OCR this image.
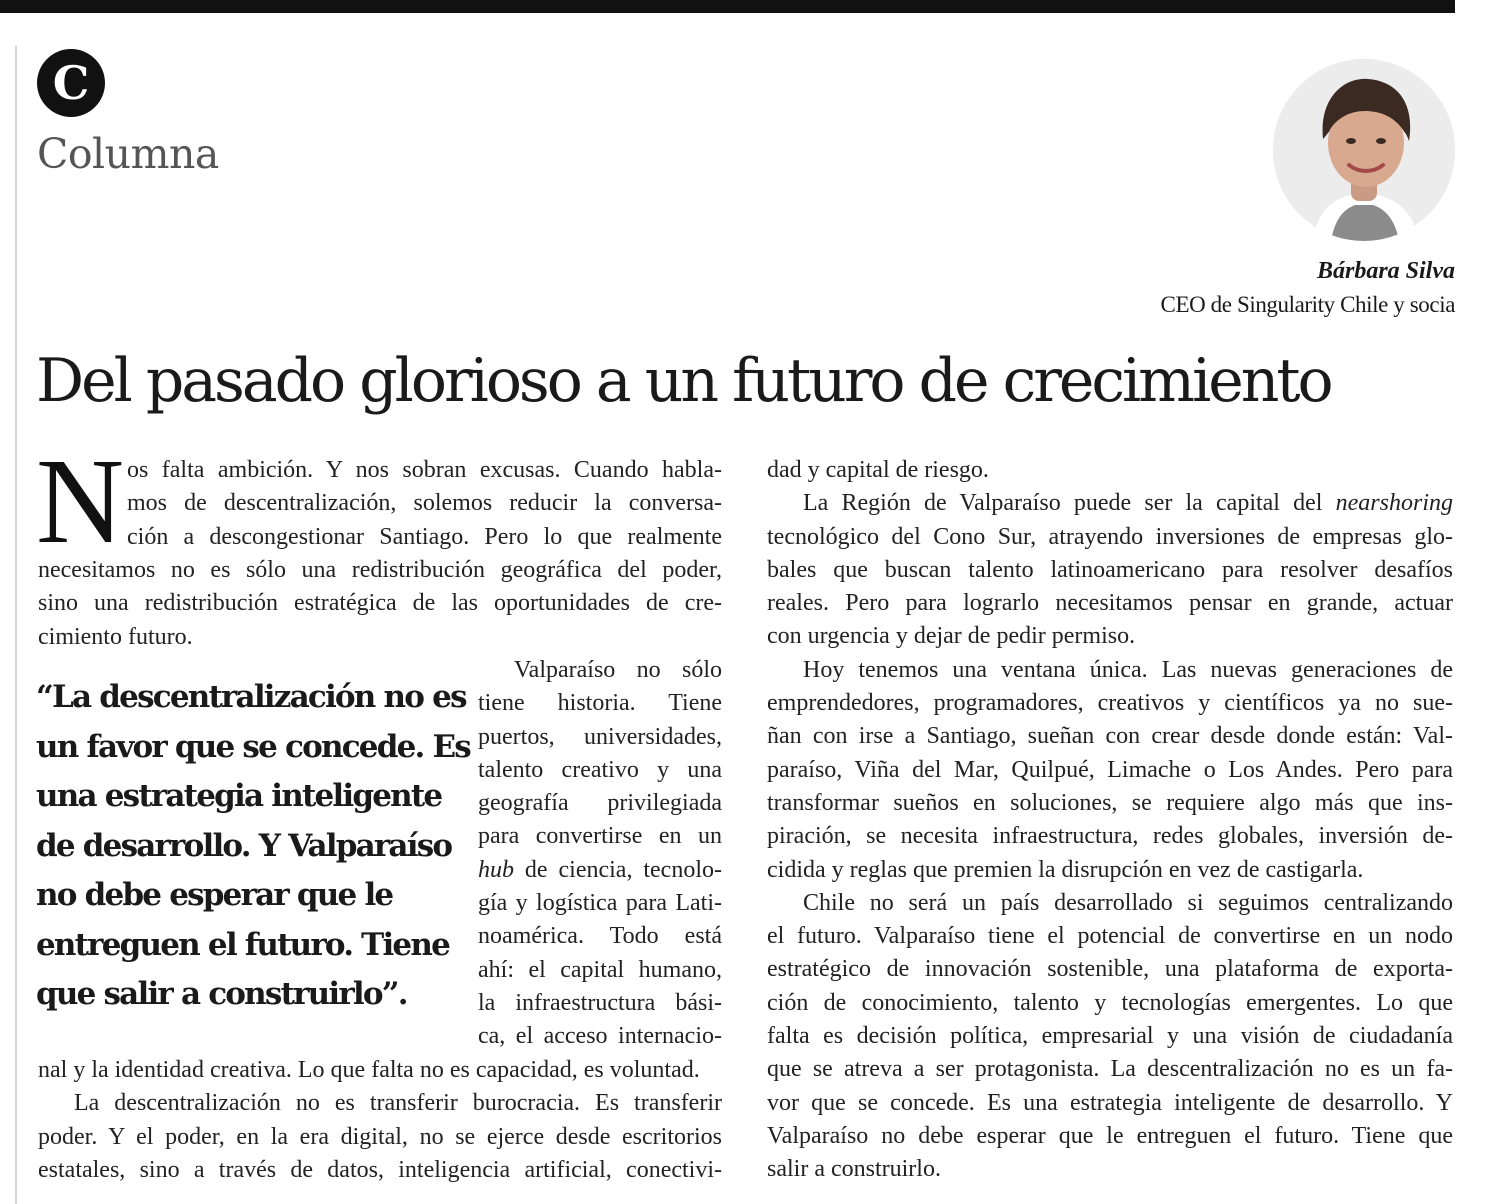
C
Columna
Bárbara Silva
CEO de Singularity Chile y socia
Del pasado glorioso a un futuro de crecimiento
N os falta ambición. Y nos sobran excusas. Cuando habla-
mos de descentralización, solemos reducir la conversa-
ción a descongestionar Santiago. Pero lo que realmente
necesitamos no es sólo una redistribución geográfica del poder,
sino una redistribución estratégica de las oportunidades de cre-
cimiento futuro.
“La descentralización no es un favor que se concede. Es una estrategia inteligente de desarrollo. Y Valparaíso no debe esperar que le entreguen el futuro. Tiene que salir a construirlo”.
Valparaíso no sólo
tiene historia. Tiene
puertos, universidades,
talento creativo y una
geografía privilegiada
para convertirse en un
hub de ciencia, tecnolo-
gía y logística para Lati-
noamérica. Todo está
ahí: el capital humano,
la infraestructura bási-
ca, el acceso internacio-
nal y la identidad creativa. Lo que falta no es capacidad, es voluntad.
La descentralización no es transferir burocracia. Es transferir
poder. Y el poder, en la era digital, no se ejerce desde escritorios
estatales, sino a través de datos, inteligencia artificial, conectivi-
dad y capital de riesgo.
La Región de Valparaíso puede ser la capital del nearshoring
tecnológico del Cono Sur, atrayendo inversiones de empresas glo-
bales que buscan talento latinoamericano para resolver desafíos
reales. Pero para lograrlo necesitamos pensar en grande, actuar
con urgencia y dejar de pedir permiso.
Hoy tenemos una ventana única. Las nuevas generaciones de
emprendedores, programadores, creativos y científicos ya no sue-
ñan con irse a Santiago, sueñan con crear desde donde están: Val-
paraíso, Viña del Mar, Quilpué, Limache o Los Andes. Pero para
transformar sueños en soluciones, se requiere algo más que ins-
piración, se necesita infraestructura, redes globales, inversión de-
cidida y reglas que premien la disrupción en vez de castigarla.
Chile no será un país desarrollado si seguimos centralizando
el futuro. Valparaíso tiene el potencial de convertirse en un nodo
estratégico de innovación sostenible, una plataforma de exporta-
ción de conocimiento, talento y tecnologías emergentes. Lo que
falta es decisión política, empresarial y una visión de ciudadanía
que se atreva a ser protagonista. La descentralización no es un fa-
vor que se concede. Es una estrategia inteligente de desarrollo. Y
Valparaíso no debe esperar que le entreguen el futuro. Tiene que
salir a construirlo.
